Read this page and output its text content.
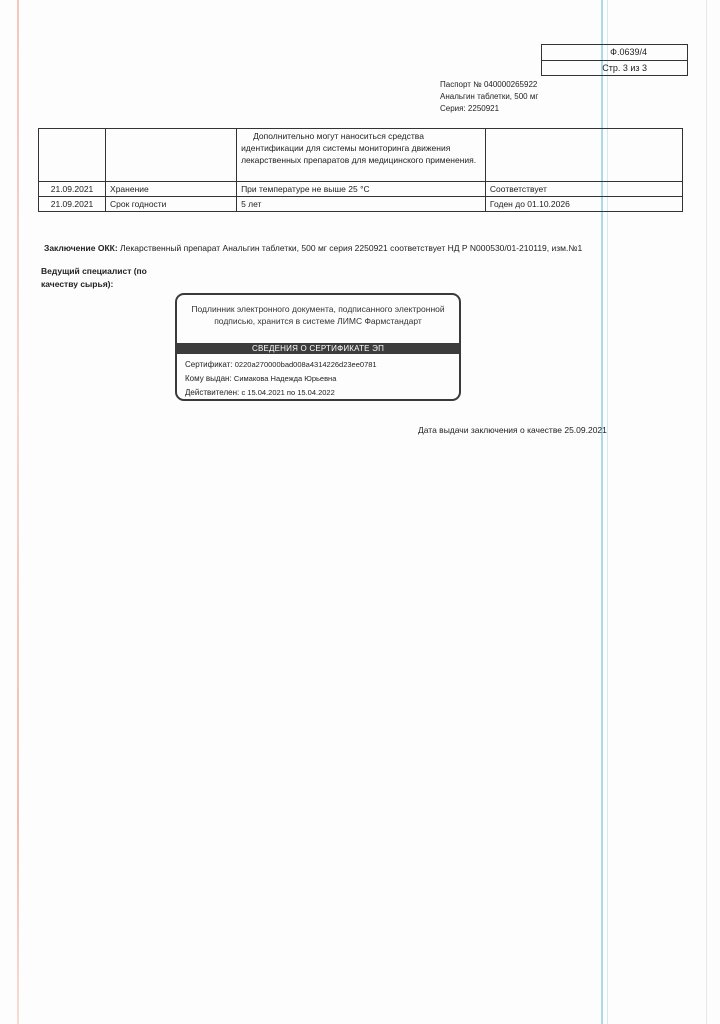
Ф.0639/4
Стр. 3 из 3
Паспорт № 040000265922
Анальгин таблетки, 500 мг
Серия: 2250921
		Дополнительно могут наноситься средства идентификации для системы мониторинга движения лекарственных препаратов для медицинского применения.	
21.09.2021	Хранение	При температуре не выше 25 °С	Соответствует
21.09.2021	Срок годности	5 лет	Годен до 01.10.2026
Заключение ОКК: Лекарственный препарат Анальгин таблетки, 500 мг серия 2250921 соответствует НД Р N000530/01-210119, изм.№1
Ведущий специалист (по качеству сырья):
Подлинник электронного документа, подписанного электронной подписью, хранится в системе ЛИМС Фармстандарт
СВЕДЕНИЯ О СЕРТИФИКАТЕ ЭП
Сертификат: 0220a270000bad008a4314226d23ee0781
Кому выдан: Симакова Надежда Юрьевна
Действителен: с 15.04.2021 по 15.04.2022
Дата выдачи заключения о качестве 25.09.2021
